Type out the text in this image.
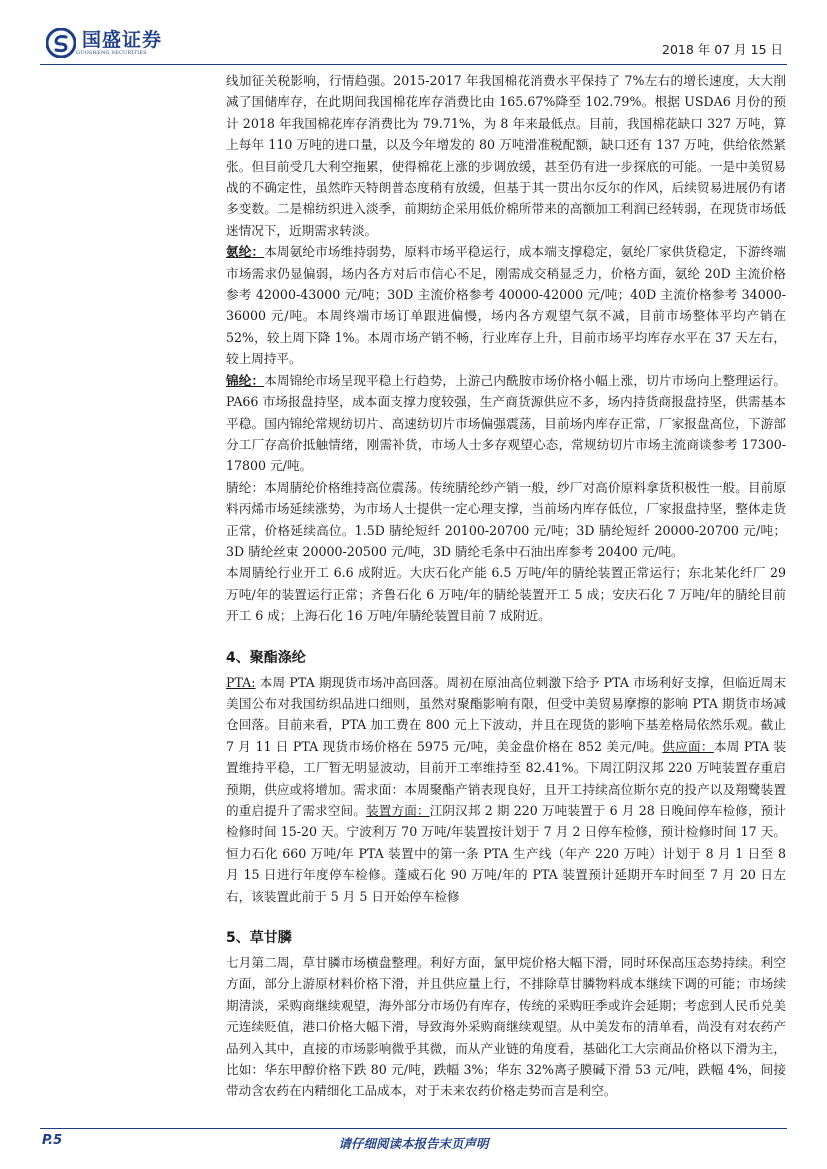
国盛证券
GUOSHENG SECURITIES	2018 年 07 月 15 日

线加征关税影响，行情趋强。2015-2017 年我国棉花消费水平保持了 7%左右的增长速度，大大削减了国储库存，在此期间我国棉花库存消费比由 165.67%降至 102.79%。根据 USDA6 月份的预计 2018 年我国棉花库存消费比为 79.71%，为 8 年来最低点。目前，我国棉花缺口 327 万吨，算上每年 110 万吨的进口量，以及今年增发的 80 万吨滑准税配额，缺口还有 137 万吨，供给依然紧张。但目前受几大利空拖累，使得棉花上涨的步调放缓，甚至仍有进一步探底的可能。一是中美贸易战的不确定性，虽然昨天特朗普态度稍有放缓，但基于其一贯出尔反尔的作风，后续贸易进展仍有诸多变数。二是棉纺织进入淡季，前期纺企采用低价棉所带来的高额加工利润已经转弱，在现货市场低迷情况下，近期需求转淡。

氨纶：本周氨纶市场维持弱势，原料市场平稳运行，成本端支撑稳定，氨纶厂家供货稳定，下游终端市场需求仍显偏弱，场内各方对后市信心不足，刚需成交稍显乏力，价格方面，氨纶 20D 主流价格参考 42000-43000 元/吨；30D 主流价格参考 40000-42000 元/吨；40D 主流价格参考 34000-36000 元/吨。本周终端市场订单跟进偏慢，场内各方观望气氛不减，目前市场整体平均产销在 52%，较上周下降 1%。本周市场产销不畅，行业库存上升，目前市场平均库存水平在 37 天左右，较上周持平。

锦纶：本周锦纶市场呈现平稳上行趋势，上游己内酰胺市场价格小幅上涨，切片市场向上整理运行。PA66 市场报盘持坚，成本面支撑力度较强，生产商货源供应不多，场内持货商报盘持坚，供需基本平稳。国内锦纶常规纺切片、高速纺切片市场偏强震荡，目前场内库存正常，厂家报盘高位，下游部分工厂存高价抵触情绪，刚需补货，市场人士多存观望心态，常规纺切片市场主流商谈参考 17300-17800 元/吨。

腈纶：本周腈纶价格维持高位震荡。传统腈纶纱产销一般，纱厂对高价原料拿货积极性一般。目前原料丙烯市场延续涨势，为市场人士提供一定心理支撑，当前场内库存低位，厂家报盘持坚，整体走货正常，价格延续高位。1.5D 腈纶短纤 20100-20700 元/吨；3D 腈纶短纤 20000-20700 元/吨；3D 腈纶丝束 20000-20500 元/吨，3D 腈纶毛条中石油出库参考 20400 元/吨。

本周腈纶行业开工 6.6 成附近。大庆石化产能 6.5 万吨/年的腈纶装置正常运行；东北某化纤厂 29 万吨/年的装置运行正常；齐鲁石化 6 万吨/年的腈纶装置开工 5 成；安庆石化 7 万吨/年的腈纶目前开工 6 成；上海石化 16 万吨/年腈纶装置目前 7 成附近。

4、聚酯涤纶

PTA: 本周 PTA 期现货市场冲高回落。周初在原油高位刺激下给予 PTA 市场利好支撑，但临近周末美国公布对我国纺织品进口细则，虽然对聚酯影响有限，但受中美贸易摩擦的影响 PTA 期货市场减仓回落。目前来看，PTA 加工费在 800 元上下波动，并且在现货的影响下基差格局依然乐观。截止 7 月 11 日 PTA 现货市场价格在 5975 元/吨，美金盘价格在 852 美元/吨。供应面：本周 PTA 装置维持平稳，工厂暂无明显波动，目前开工率维持至 82.41%。下周江阴汉邦 220 万吨装置存重启预期，供应或将增加。需求面：本周聚酯产销表现良好，且开工持续高位斯尔克的投产以及翔鹭装置的重启提升了需求空间。装置方面：江阴汉邦 2 期 220 万吨装置于 6 月 28 日晚间停车检修，预计检修时间 15-20 天。宁波利万 70 万吨/年装置按计划于 7 月 2 日停车检修，预计检修时间 17 天。恒力石化 660 万吨/年 PTA 装置中的第一条 PTA 生产线（年产 220 万吨）计划于 8 月 1 日至 8 月 15 日进行年度停车检修。蓬威石化 90 万吨/年的 PTA 装置预计延期开车时间至 7 月 20 日左右，该装置此前于 5 月 5 日开始停车检修

5、草甘膦

七月第二周，草甘膦市场横盘整理。利好方面，氯甲烷价格大幅下滑，同时环保高压态势持续。利空方面，部分上游原材料价格下滑，并且供应量上行，不排除草甘膦物料成本继续下调的可能；市场续期清淡，采购商继续观望，海外部分市场仍有库存，传统的采购旺季或许会延期；考虑到人民币兑美元连续贬值，港口价格大幅下滑，导致海外采购商继续观望。从中美发布的清单看，尚没有对农药产品列入其中，直接的市场影响微乎其微，而从产业链的角度看，基础化工大宗商品价格以下滑为主，比如：华东甲醇价格下跌 80 元/吨，跌幅 3%；华东 32%离子膜碱下滑 53 元/吨，跌幅 4%，间接带动含农药在内精细化工品成本，对于未来农药价格走势而言是利空。

P.5	请仔细阅读本报告末页声明
